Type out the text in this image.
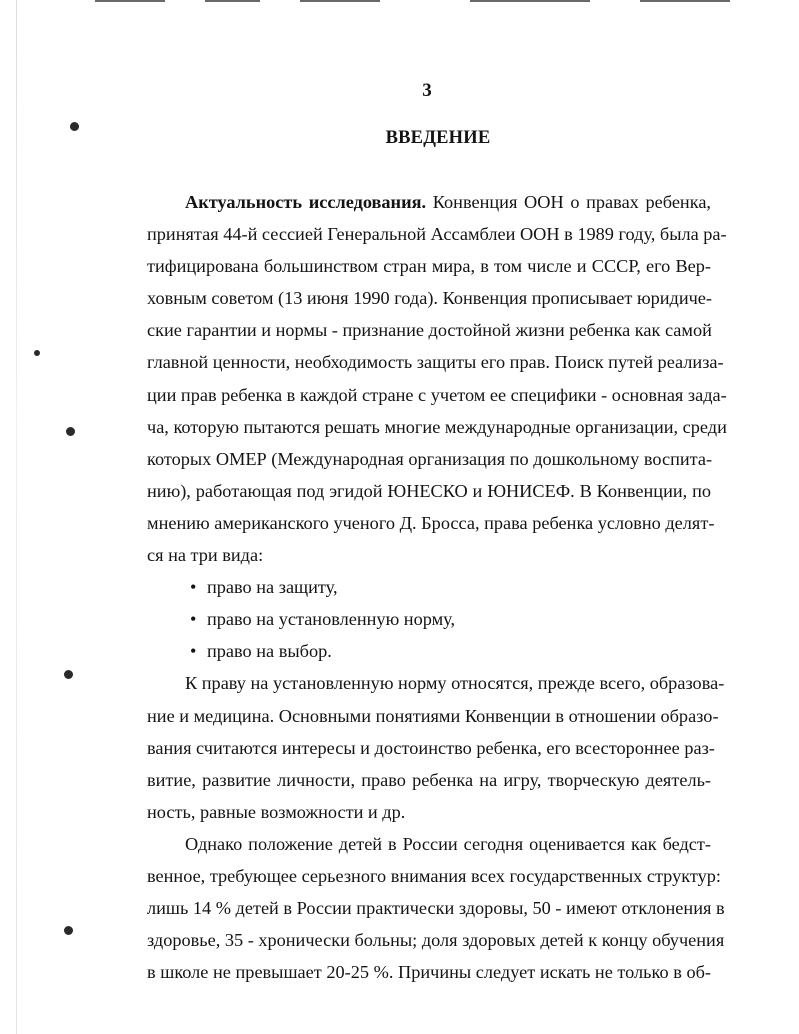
3
ВВЕДЕНИЕ

Актуальность исследования. Конвенция ООН о правах ребенка,
принятая 44-й сессией Генеральной Ассамблеи ООН в 1989 году, была ра-
тифицирована большинством стран мира, в том числе и СССР, его Вер-
ховным советом (13 июня 1990 года). Конвенция прописывает юридиче-
ские гарантии и нормы - признание достойной жизни ребенка как самой
главной ценности, необходимость защиты его прав. Поиск путей реализа-
ции прав ребенка в каждой стране с учетом ее специфики - основная зада-
ча, которую пытаются решать многие международные организации, среди
которых ОМЕР (Международная организация по дошкольному воспита-
нию), работающая под эгидой ЮНЕСКО и ЮНИСЕФ. В Конвенции, по
мнению американского ученого Д. Бросса, права ребенка условно делят-
ся на три вида:

• право на защиту,
• право на установленную норму,
• право на выбор.

К праву на установленную норму относятся, прежде всего, образова-
ние и медицина. Основными понятиями Конвенции в отношении образо-
вания считаются интересы и достоинство ребенка, его всестороннее раз-
витие, развитие личности, право ребенка на игру, творческую деятель-
ность, равные возможности и др.

Однако положение детей в России сегодня оценивается как бедст-
венное, требующее серьезного внимания всех государственных структур:
лишь 14 % детей в России практически здоровы, 50 - имеют отклонения в
здоровье, 35 - хронически больны; доля здоровых детей к концу обучения
в школе не превышает 20-25 %. Причины следует искать не только в об-
